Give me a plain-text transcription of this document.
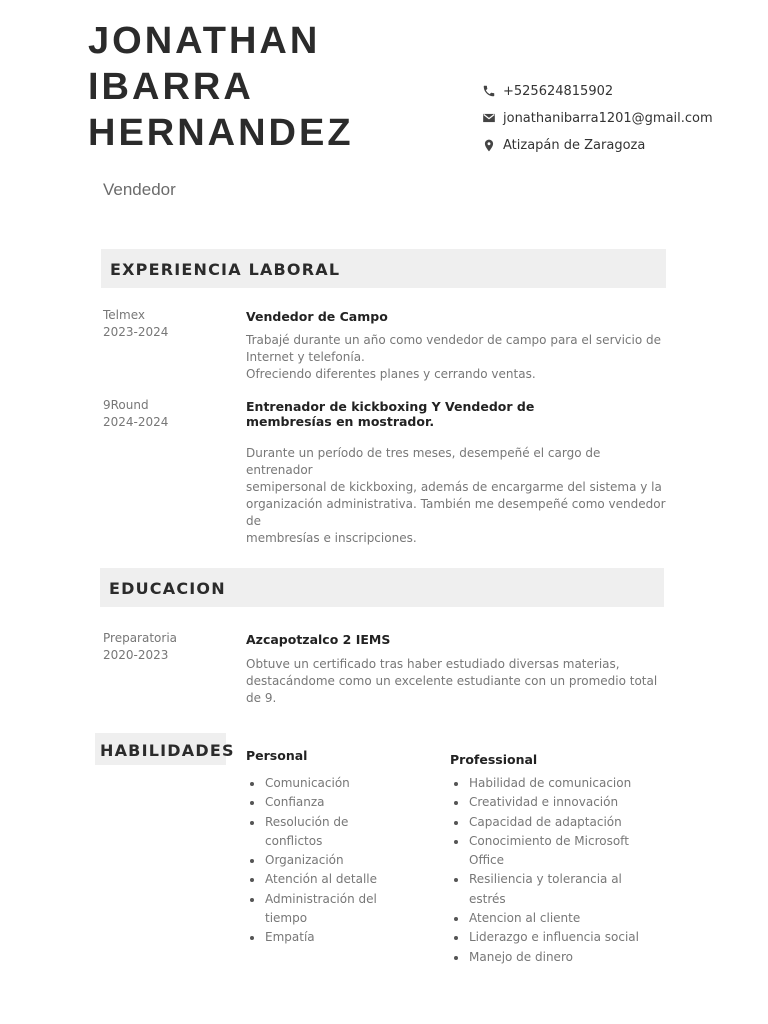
JONATHAN
IBARRA
HERNANDEZ
Vendedor
+525624815902
jonathanibarra1201@gmail.com
Atizapán de Zaragoza
EXPERIENCIA LABORAL
Telmex
2023-2024
Vendedor de Campo
Trabajé durante un año como vendedor de campo para el servicio de
Internet y telefonía.
Ofreciendo diferentes planes y cerrando ventas.
9Round
2024-2024
Entrenador de kickboxing Y Vendedor de
membresías en mostrador.
Durante un período de tres meses, desempeñé el cargo de entrenador
semipersonal de kickboxing, además de encargarme del sistema y la
organización administrativa. También me desempeñé como vendedor de
membresías e inscripciones.
EDUCACION
Preparatoria
2020-2023
Azcapotzalco 2 IEMS
Obtuve un certificado tras haber estudiado diversas materias,
destacándome como un excelente estudiante con un promedio total de 9.
HABILIDADES Personal
Comunicación
Confianza
Resolución de
conflictos
Organización
Atención al detalle
Administración del
tiempo
Empatía
Professional
Habilidad de comunicacion
Creatividad e innovación
Capacidad de adaptación
Conocimiento de Microsoft
Office
Resiliencia y tolerancia al
estrés
Atencion al cliente
Liderazgo e influencia social
Manejo de dinero
